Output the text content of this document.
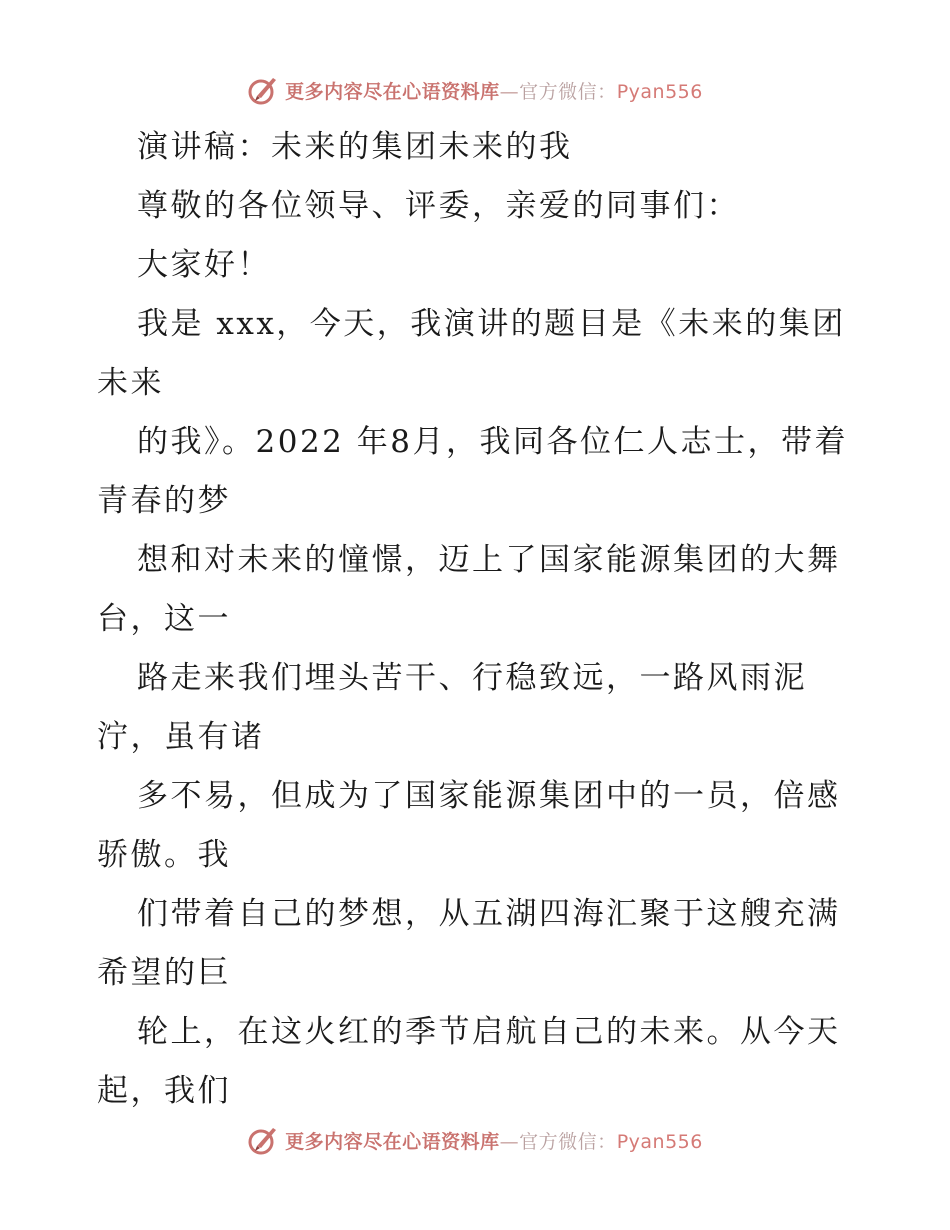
更多内容尽在心语资料库—官方微信：Pyan556

演讲稿：未来的集团未来的我

尊敬的各位领导、评委，亲爱的同事们：

大家好！

我是 xxx，今天，我演讲的题目是《未来的集团未来

的我》。2022 年8月，我同各位仁人志士，带着青春的梦

想和对未来的憧憬，迈上了国家能源集团的大舞台，这一

路走来我们埋头苦干、行稳致远，一路风雨泥泞，虽有诸

多不易，但成为了国家能源集团中的一员，倍感骄傲。我

们带着自己的梦想，从五湖四海汇聚于这艘充满希望的巨

轮上，在这火红的季节启航自己的未来。从今天起，我们

更多内容尽在心语资料库—官方微信：Pyan556
